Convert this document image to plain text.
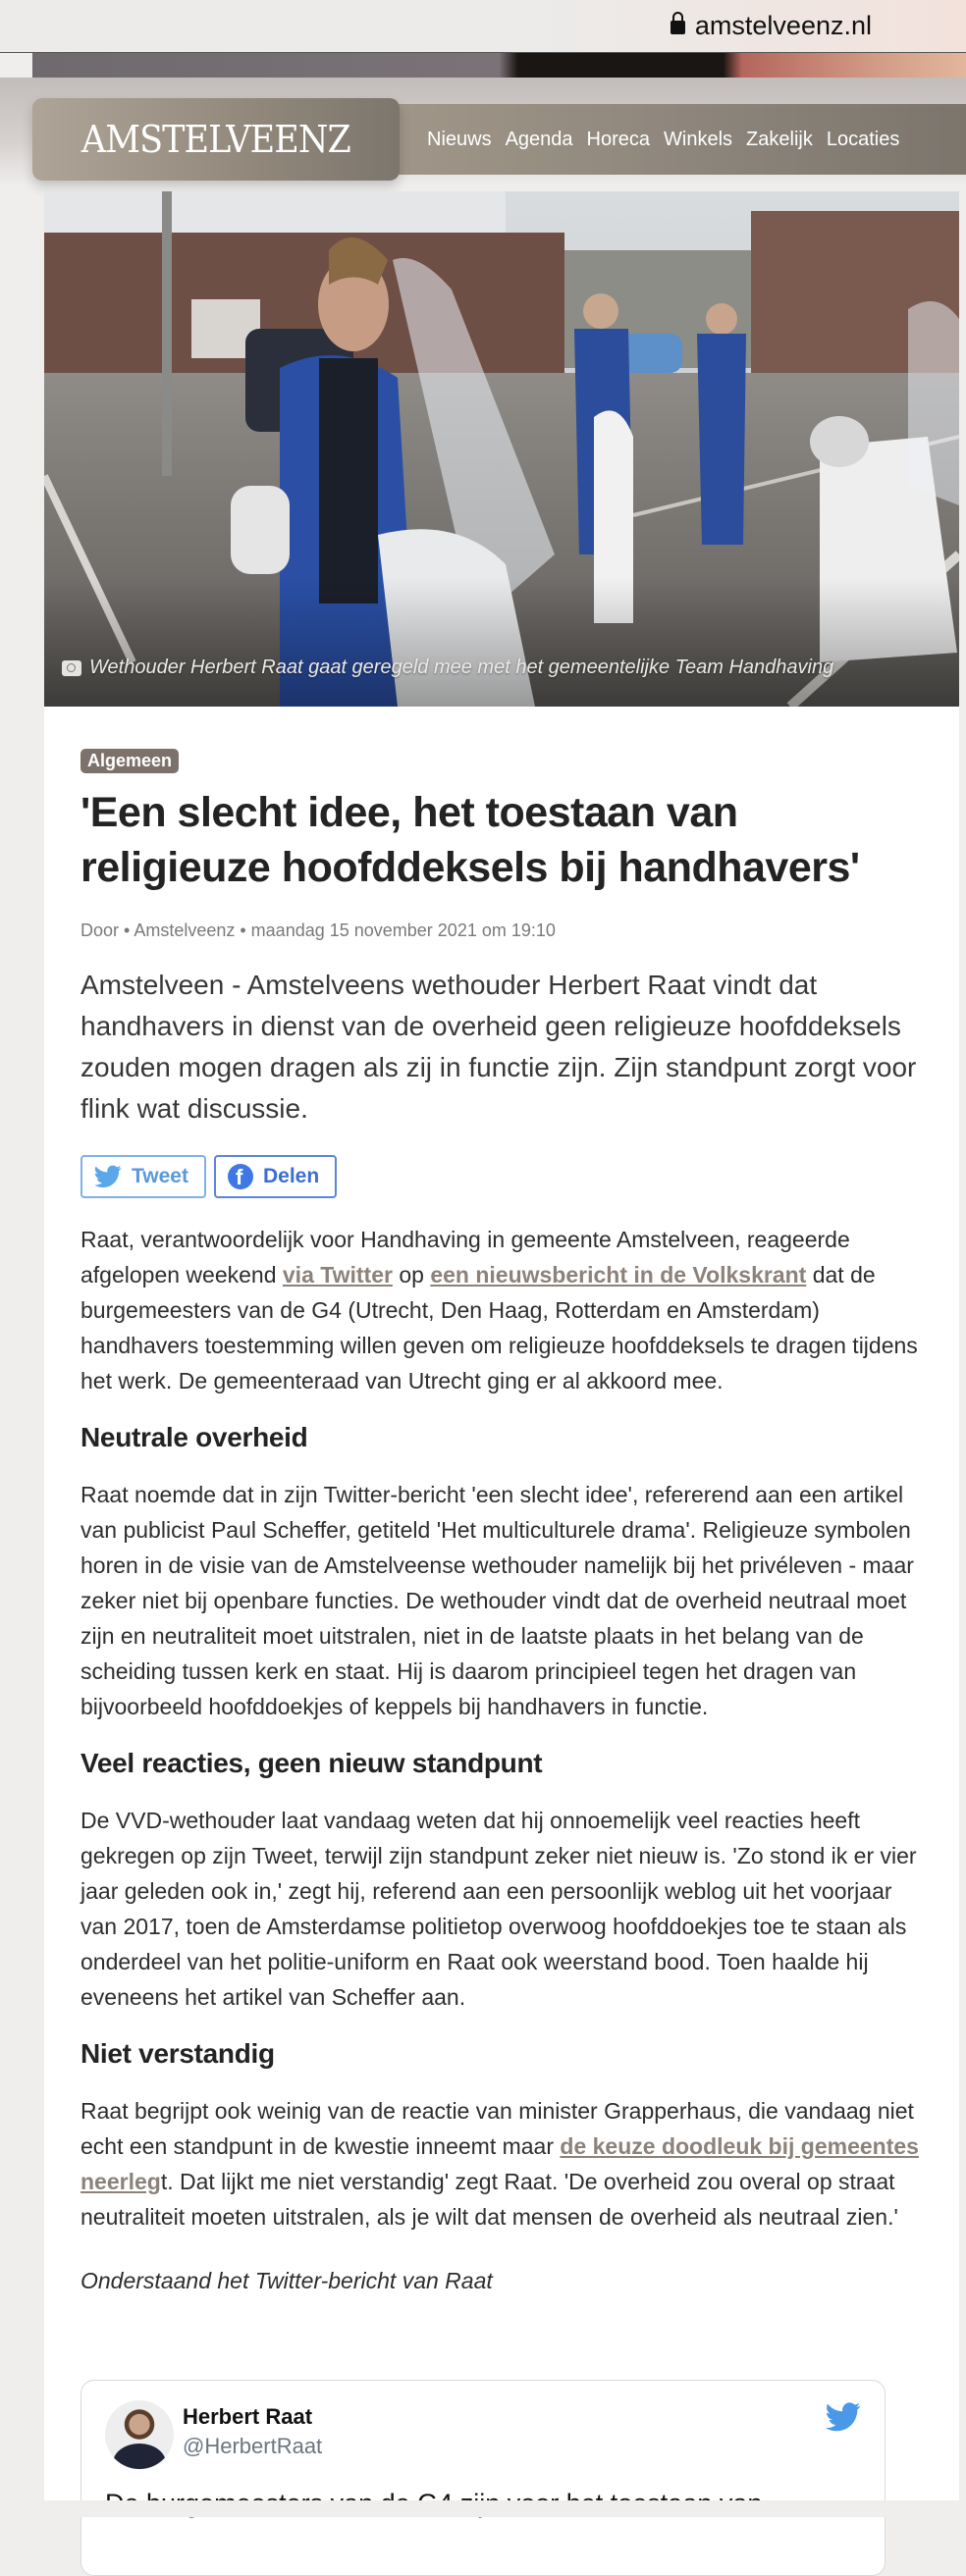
amstelveenz.nl
Nieuws Agenda Horeca Winkels Zakelijk Locaties
AMSTELVEENZ
Wethouder Herbert Raat gaat geregeld mee met het gemeentelijke Team Handhaving
Algemeen
'Een slecht idee, het toestaan van religieuze hoofddeksels bij handhavers'
Door • Amstelveenz • maandag 15 november 2021 om 19:10
Amstelveen - Amstelveens wethouder Herbert Raat vindt dat handhavers in dienst van de overheid geen religieuze hoofddeksels zouden mogen dragen als zij in functie zijn. Zijn standpunt zorgt voor flink wat discussie.
Tweet
f	Delen

Raat, verantwoordelijk voor Handhaving in gemeente Amstelveen, reageerde afgelopen weekend via Twitter op een nieuwsbericht in de Volkskrant dat de burgemeesters van de G4 (Utrecht, Den Haag, Rotterdam en Amsterdam) handhavers toestemming willen geven om religieuze hoofddeksels te dragen tijdens het werk. De gemeenteraad van Utrecht ging er al akkoord mee.

Neutrale overheid

Raat noemde dat in zijn Twitter-bericht 'een slecht idee', refererend aan een artikel van publicist Paul Scheffer, getiteld 'Het multiculturele drama'. Religieuze symbolen horen in de visie van de Amstelveense wethouder namelijk bij het privéleven - maar zeker niet bij openbare functies. De wethouder vindt dat de overheid neutraal moet zijn en neutraliteit moet uitstralen, niet in de laatste plaats in het belang van de scheiding tussen kerk en staat. Hij is daarom principieel tegen het dragen van bijvoorbeeld hoofddoekjes of keppels bij handhavers in functie.

Veel reacties, geen nieuw standpunt

De VVD-wethouder laat vandaag weten dat hij onnoemelijk veel reacties heeft gekregen op zijn Tweet, terwijl zijn standpunt zeker niet nieuw is. 'Zo stond ik er vier jaar geleden ook in,' zegt hij, referend aan een persoonlijk weblog uit het voorjaar van 2017, toen de Amsterdamse politietop overwoog hoofddoekjes toe te staan als onderdeel van het politie-uniform en Raat ook weerstand bood. Toen haalde hij eveneens het artikel van Scheffer aan.

Niet verstandig

Raat begrijpt ook weinig van de reactie van minister Grapperhaus, die vandaag niet echt een standpunt in de kwestie inneemt maar de keuze doodleuk bij gemeentes neerlegt. Dat lijkt me niet verstandig' zegt Raat. 'De overheid zou overal op straat neutraliteit moeten uitstralen, als je wilt dat mensen de overheid als neutraal zien.'

Onderstaand het Twitter-bericht van Raat

Herbert Raat
@HerbertRaat
